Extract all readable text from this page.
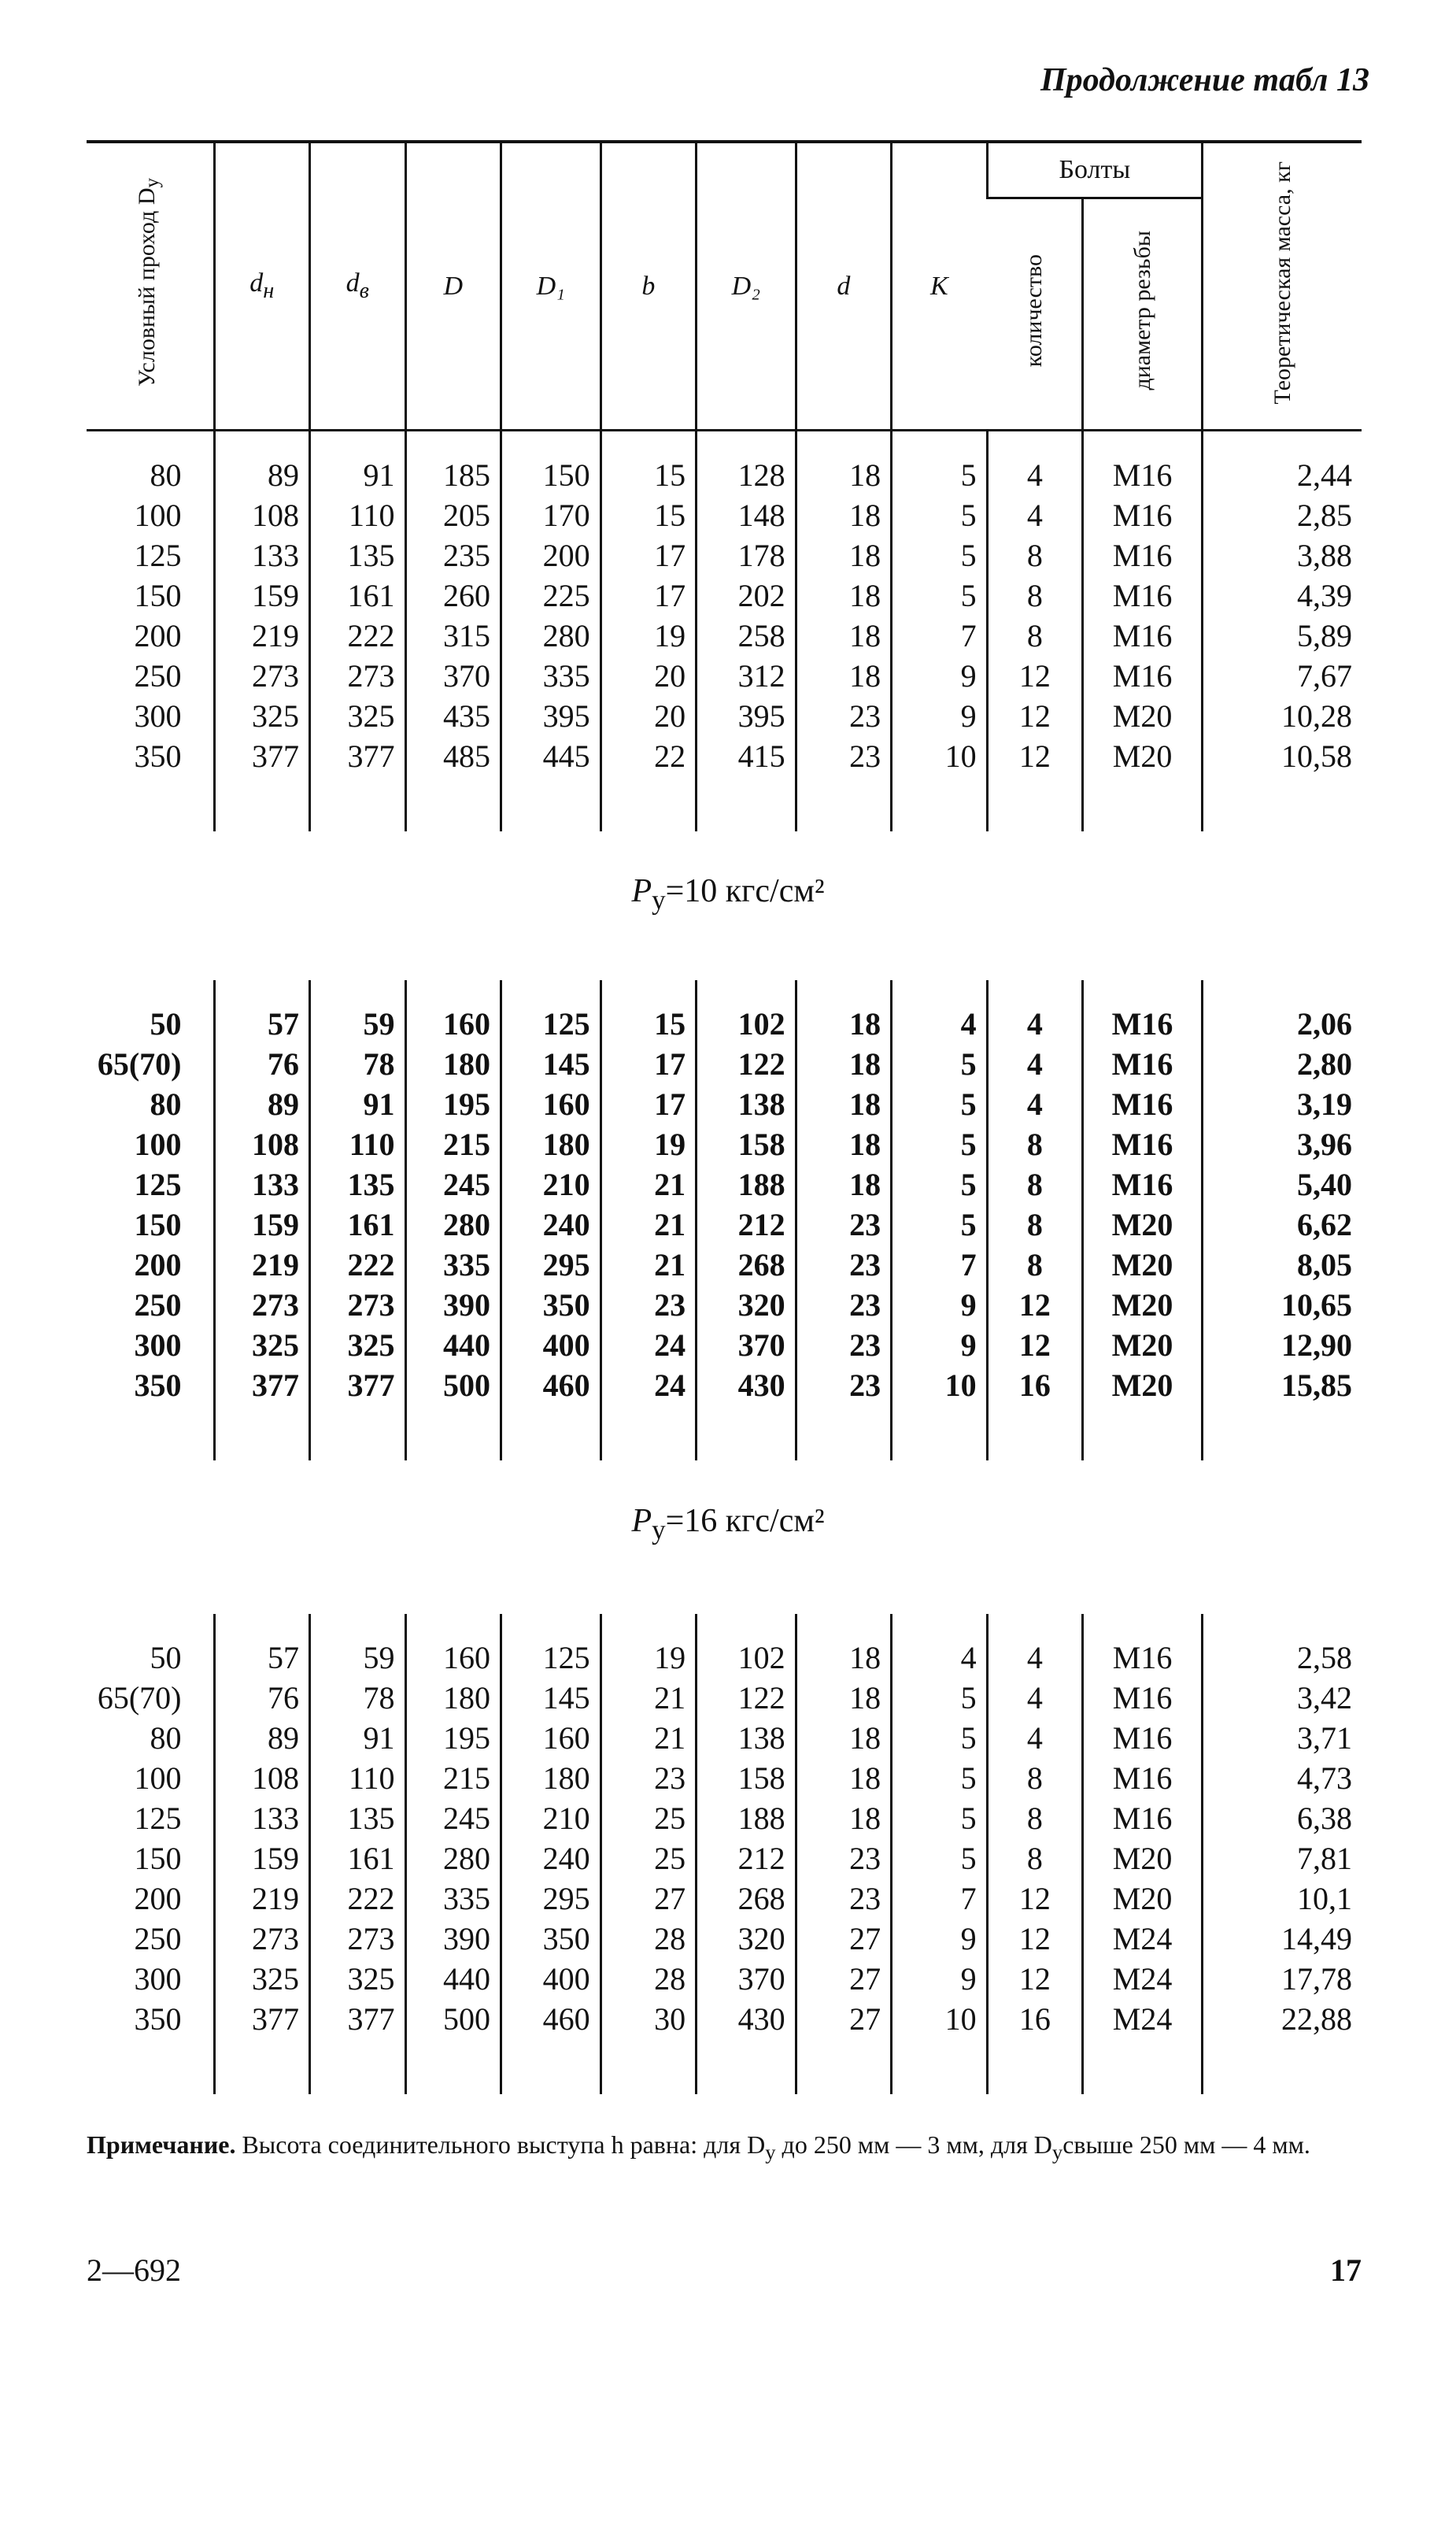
Продолжение табл 13
Условный проход $D_у$	$d_н$	$d_в$	D	D₁	b	D₂	d	K	Болты		Теоретическая масса, кг
									количество	диаметр резьбы	

80	89	91	185	150	15	128	18	5	4	M16	2,44
100	108	110	205	170	15	148	18	5	4	M16	2,85
125	133	135	235	200	17	178	18	5	8	M16	3,88
150	159	161	260	225	17	202	18	5	8	M16	4,39
200	219	222	315	280	19	258	18	7	8	M16	5,89
250	273	273	370	335	20	312	18	9	12	M16	7,67
300	325	325	435	395	20	395	23	9	12	M20	10,28
350	377	377	485	445	22	415	23	10	12	M20	10,58

$P_у=10$ кгс/см²

50	57	59	160	125	15	102	18	4	4	M16	2,06
65(70)	76	78	180	145	17	122	18	5	4	M16	2,80
80	89	91	195	160	17	138	18	5	4	M16	3,19
100	108	110	215	180	19	158	18	5	8	M16	3,96
125	133	135	245	210	21	188	18	5	8	M16	5,40
150	159	161	280	240	21	212	23	5	8	M20	6,62
200	219	222	335	295	21	268	23	7	8	M20	8,05
250	273	273	390	350	23	320	23	9	12	M20	10,65
300	325	325	440	400	24	370	23	9	12	M20	12,90
350	377	377	500	460	24	430	23	10	16	M20	15,85

$P_у=16$ кгс/см²

50	57	59	160	125	19	102	18	4	4	M16	2,58
65(70)	76	78	180	145	21	122	18	5	4	M16	3,42
80	89	91	195	160	21	138	18	5	4	M16	3,71
100	108	110	215	180	23	158	18	5	8	M16	4,73
125	133	135	245	210	25	188	18	5	8	M16	6,38
150	159	161	280	240	25	212	23	5	8	M20	7,81
200	219	222	335	295	27	268	23	7	12	M20	10,1
250	273	273	390	350	28	320	27	9	12	M24	14,49
300	325	325	440	400	28	370	27	9	12	M24	17,78
350	377	377	500	460	30	430	27	10	16	M24	22,88

Примечание. Высота соединительного выступа h равна: для $D_у$ до 250 мм — 3 мм, для $D_усвыше$ 250 мм — 4 мм.
2—692	17
